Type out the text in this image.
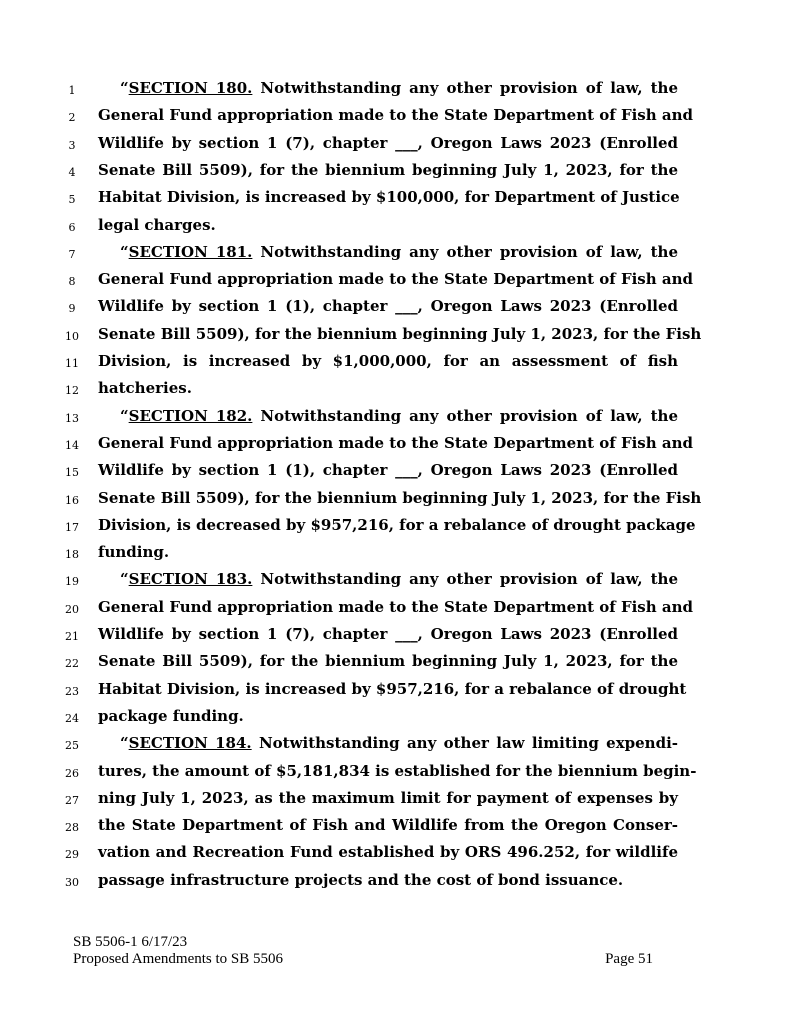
1	“SECTION 180. Notwithstanding any other provision of law, the
2	General Fund appropriation made to the State Department of Fish and
3	Wildlife by section 1 (7), chapter ___, Oregon Laws 2023 (Enrolled
4	Senate Bill 5509), for the biennium beginning July 1, 2023, for the
5	Habitat Division, is increased by $100,000, for Department of Justice
6	legal charges.
7	“SECTION 181. Notwithstanding any other provision of law, the
8	General Fund appropriation made to the State Department of Fish and
9	Wildlife by section 1 (1), chapter ___, Oregon Laws 2023 (Enrolled
10	Senate Bill 5509), for the biennium beginning July 1, 2023, for the Fish
11	Division, is increased by $1,000,000, for an assessment of fish
12	hatcheries.
13	“SECTION 182. Notwithstanding any other provision of law, the
14	General Fund appropriation made to the State Department of Fish and
15	Wildlife by section 1 (1), chapter ___, Oregon Laws 2023 (Enrolled
16	Senate Bill 5509), for the biennium beginning July 1, 2023, for the Fish
17	Division, is decreased by $957,216, for a rebalance of drought package
18	funding.
19	“SECTION 183. Notwithstanding any other provision of law, the
20	General Fund appropriation made to the State Department of Fish and
21	Wildlife by section 1 (7), chapter ___, Oregon Laws 2023 (Enrolled
22	Senate Bill 5509), for the biennium beginning July 1, 2023, for the
23	Habitat Division, is increased by $957,216, for a rebalance of drought
24	package funding.
25	“SECTION 184. Notwithstanding any other law limiting expendi-
26	tures, the amount of $5,181,834 is established for the biennium begin-
27	ning July 1, 2023, as the maximum limit for payment of expenses by
28	the State Department of Fish and Wildlife from the Oregon Conser-
29	vation and Recreation Fund established by ORS 496.252, for wildlife
30	passage infrastructure projects and the cost of bond issuance.
SB 5506-1 6/17/23
Proposed Amendments to SB 5506	Page 51
